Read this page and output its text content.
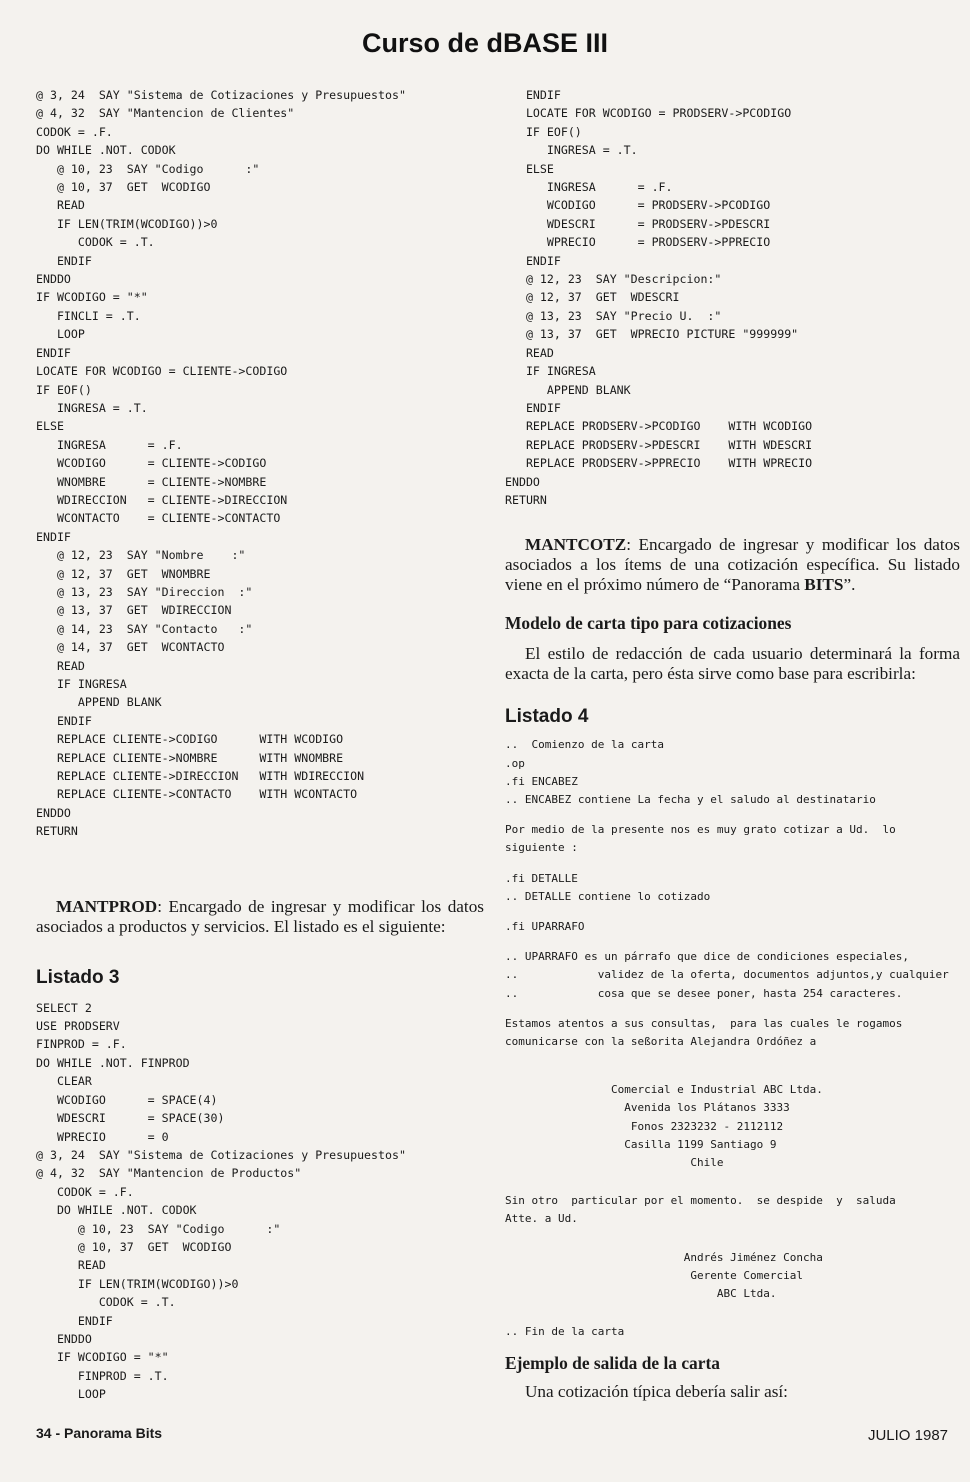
Curso de dBASE III
@ 3, 24  SAY "Sistema de Cotizaciones y Presupuestos"
@ 4, 32  SAY "Mantencion de Clientes"
CODOK = .F.
DO WHILE .NOT. CODOK
@ 10, 23  SAY "Codigo      :"
@ 10, 37  GET  WCODIGO
READ
IF LEN(TRIM(WCODIGO))>0
CODOK = .T.
ENDIF
ENDDO
IF WCODIGO = "*"
FINCLI = .T.
LOOP
ENDIF
LOCATE FOR WCODIGO = CLIENTE->CODIGO
IF EOF()
INGRESA = .T.
ELSE
INGRESA      = .F.
WCODIGO      = CLIENTE->CODIGO
WNOMBRE      = CLIENTE->NOMBRE
WDIRECCION   = CLIENTE->DIRECCION
WCONTACTO    = CLIENTE->CONTACTO
ENDIF
@ 12, 23  SAY "Nombre    :"
@ 12, 37  GET  WNOMBRE
@ 13, 23  SAY "Direccion  :"
@ 13, 37  GET  WDIRECCION
@ 14, 23  SAY "Contacto   :"
@ 14, 37  GET  WCONTACTO
READ
IF INGRESA
APPEND BLANK
ENDIF
REPLACE CLIENTE->CODIGO      WITH WCODIGO
REPLACE CLIENTE->NOMBRE      WITH WNOMBRE
REPLACE CLIENTE->DIRECCION   WITH WDIRECCION
REPLACE CLIENTE->CONTACTO    WITH WCONTACTO
ENDDO
RETURN

MANTPROD: Encargado de ingresar y modificar los datos asociados a productos y servicios. El listado es el siguiente:

Listado 3

SELECT 2
USE PRODSERV
FINPROD = .F.
DO WHILE .NOT. FINPROD
CLEAR
WCODIGO      = SPACE(4)
WDESCRI      = SPACE(30)
WPRECIO      = 0
@ 3, 24  SAY "Sistema de Cotizaciones y Presupuestos"
@ 4, 32  SAY "Mantencion de Productos"
CODOK = .F.
DO WHILE .NOT. CODOK
@ 10, 23  SAY "Codigo      :"
@ 10, 37  GET  WCODIGO
READ
IF LEN(TRIM(WCODIGO))>0
CODOK = .T.
ENDIF
ENDDO
IF WCODIGO = "*"
FINPROD = .T.
LOOP
ENDIF
LOCATE FOR WCODIGO = PRODSERV->PCODIGO
IF EOF()
INGRESA = .T.
ELSE
INGRESA      = .F.
WCODIGO      = PRODSERV->PCODIGO
WDESCRI      = PRODSERV->PDESCRI
WPRECIO      = PRODSERV->PPRECIO
ENDIF
@ 12, 23  SAY "Descripcion:"
@ 12, 37  GET  WDESCRI
@ 13, 23  SAY "Precio U.  :"
@ 13, 37  GET  WPRECIO PICTURE "999999"
READ
IF INGRESA
APPEND BLANK
ENDIF
REPLACE PRODSERV->PCODIGO    WITH WCODIGO
REPLACE PRODSERV->PDESCRI    WITH WDESCRI
REPLACE PRODSERV->PPRECIO    WITH WPRECIO
ENDDO
RETURN

MANTCOTZ: Encargado de ingresar y modificar los datos asociados a los ítems de una cotización específica. Su listado viene en el próximo número de “Panorama BITS”.

Modelo de carta tipo para cotizaciones

El estilo de redacción de cada usuario determinará la forma exacta de la carta, pero ésta sirve como base para escribirla:

Listado 4

..  Comienzo de la carta
.op
.fi ENCABEZ
.. ENCABEZ contiene La fecha y el saludo al destinatario
Por medio de la presente nos es muy grato cotizar a Ud.  lo
siguiente :
.fi DETALLE
.. DETALLE contiene lo cotizado
.fi UPARRAFO
.. UPARRAFO es un párrafo que dice de condiciones especiales,
..            validez de la oferta, documentos adjuntos,y cualquier
..            cosa que se desee poner, hasta 254 caracteres.
Estamos atentos a sus consultas,  para las cuales le rogamos
comunicarse con la seßorita Alejandra Ordóñez a
Comercial e Industrial ABC Ltda.
Avenida los Plátanos 3333
Fonos 2323232 - 2112112
Casilla 1199 Santiago 9
Chile
Sin otro  particular por el momento.  se despide  y  saluda
Atte. a Ud.
Andrés Jiménez Concha
Gerente Comercial
ABC Ltda.
.. Fin de la carta

Ejemplo de salida de la carta

Una cotización típica debería salir así:

34 - Panorama Bits	JULIO 1987
